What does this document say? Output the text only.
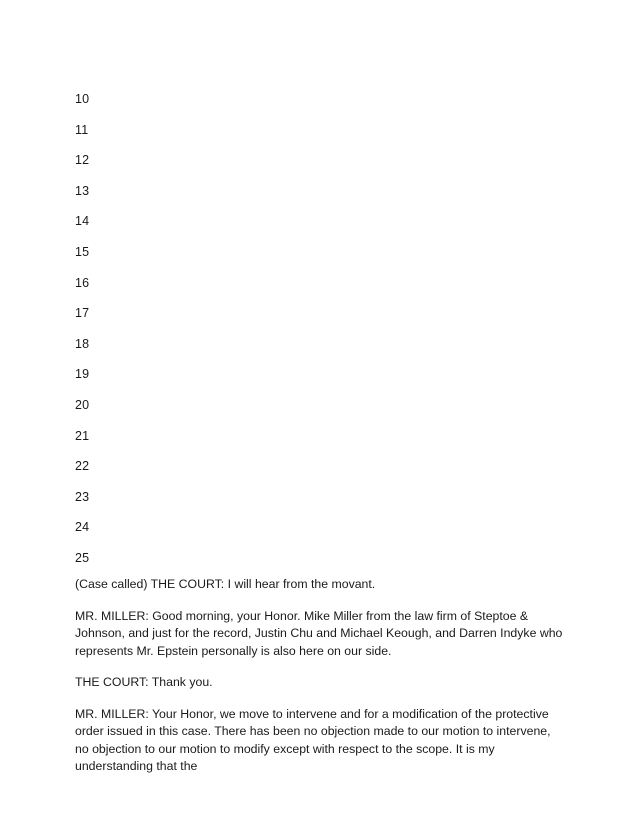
10
11
12
13
14
15
16
17
18
19
20
21
22
23
24
25

(Case called) THE COURT: I will hear from the movant.

MR. MILLER: Good morning, your Honor. Mike Miller from the law firm of Steptoe & Johnson, and just for the record, Justin Chu and Michael Keough, and Darren Indyke who represents Mr. Epstein personally is also here on our side.

THE COURT: Thank you.

MR. MILLER: Your Honor, we move to intervene and for a modification of the protective order issued in this case. There has been no objection made to our motion to intervene, no objection to our motion to modify except with respect to the scope. It is my understanding that the
